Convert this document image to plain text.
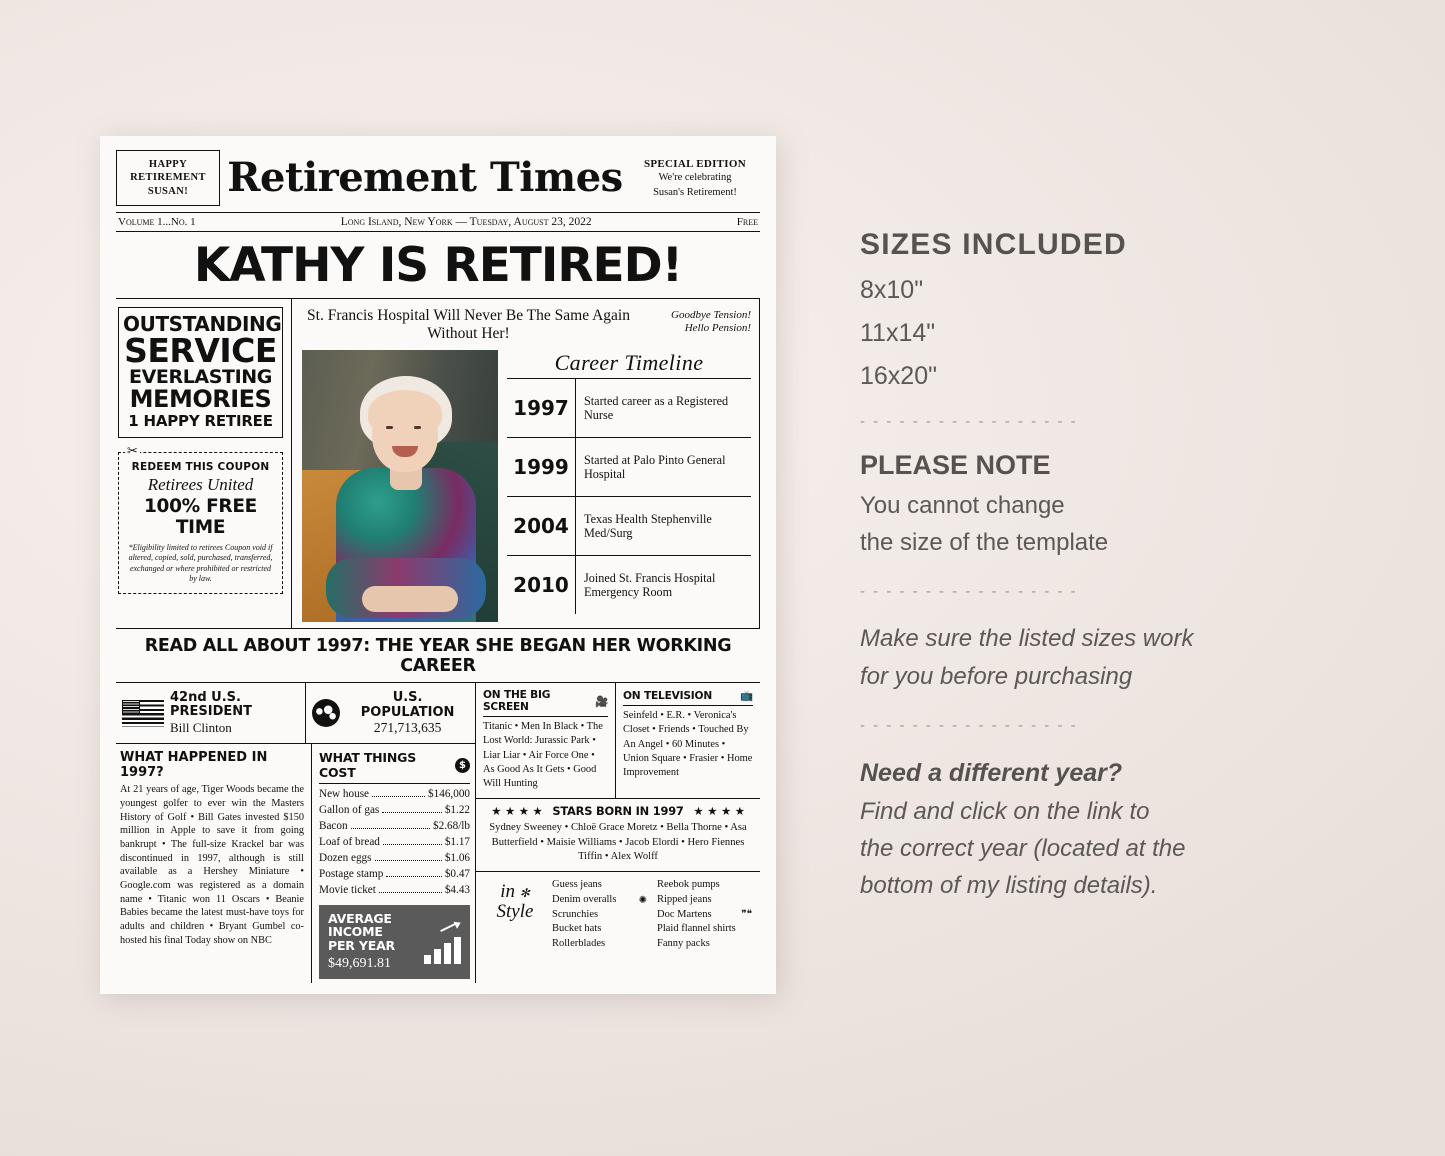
HAPPY RETIREMENT SUSAN! Retirement Times	SPECIAL EDITION
We're celebrating
Susan's Retirement!
Volume 1...No. 1	Long Island, New York — Tuesday, August 23, 2022	Free
KATHY IS RETIRED!
OUTSTANDING
SERVICE
EVERLASTING
MEMORIES
1 HAPPY RETIREE
✂
REDEEM THIS COUPON
Retirees United
100% FREE TIME
*Eligibility limited to retirees Coupon void if altered, copied, sold, purchased, transferred, exchanged or where prohibited or restricted by law.
St. Francis Hospital Will Never Be The Same Again Without Her!
Goodbye Tension!
Hello Pension!
Career Timeline
1997	Started career as a Registered Nurse
1999	Started at Palo Pinto General Hospital
2004	Texas Health Stephenville Med/Surg
2010	Joined St. Francis Hospital Emergency Room
READ ALL ABOUT 1997: THE YEAR SHE BEGAN HER WORKING CAREER
42nd U.S. PRESIDENT
Bill Clinton
U.S. POPULATION
271,713,635
WHAT HAPPENED IN 1997?
At 21 years of age, Tiger Woods became the youngest golfer to ever win the Masters History of Golf • Bill Gates invested $150 million in Apple to save it from going bankrupt • The full-size Krackel bar was discontinued in 1997, although is still available as a Hershey Miniature • Google.com was registered as a domain name • Titanic won 11 Oscars • Beanie Babies became the latest must-have toys for adults and children • Bryant Gumbel co-hosted his final Today show on NBC
WHAT THINGS COST	$
New house	$146,000
Gallon of gas	$1.22
Bacon	$2.68/lb
Loaf of bread	$1.17
Dozen eggs	$1.06
Postage stamp	$0.47
Movie ticket	$4.43
AVERAGE INCOME
PER YEAR
$49,691.81
ON THE BIG SCREEN	🎥
Titanic • Men In Black • The Lost World: Jurassic Park • Liar Liar • Air Force One • As Good As It Gets • Good Will Hunting
ON TELEVISION	📺
Seinfeld • E.R. • Veronica's Closet • Friends • Touched By An Angel • 60 Minutes • Union Square • Frasier • Home Improvement
★ ★ ★ ★ STARS BORN IN 1997 ★ ★ ★ ★
Sydney Sweeney • Chloë Grace Moretz • Bella Thorne • Asa Butterfield • Maisie Williams • Jacob Elordi • Hero Fiennes Tiffin • Alex Wolff
in ✻
Style
Guess jeans
Denim overalls
Scrunchies
Bucket hats
Rollerblades
✺
Reebok pumps
Ripped jeans
Doc Martens
Plaid flannel shirts
Fanny packs
❞❝
SIZES INCLUDED
8x10"
11x14"
16x20"
- - - - - - - - - - - - - - - - -
PLEASE NOTE

You cannot change

the size of the template

- - - - - - - - - - - - - - - - -

Make sure the listed sizes work

for you before purchasing

- - - - - - - - - - - - - - - - -

Need a different year?

Find and click on the link to

the correct year (located at the

bottom of my listing details).
